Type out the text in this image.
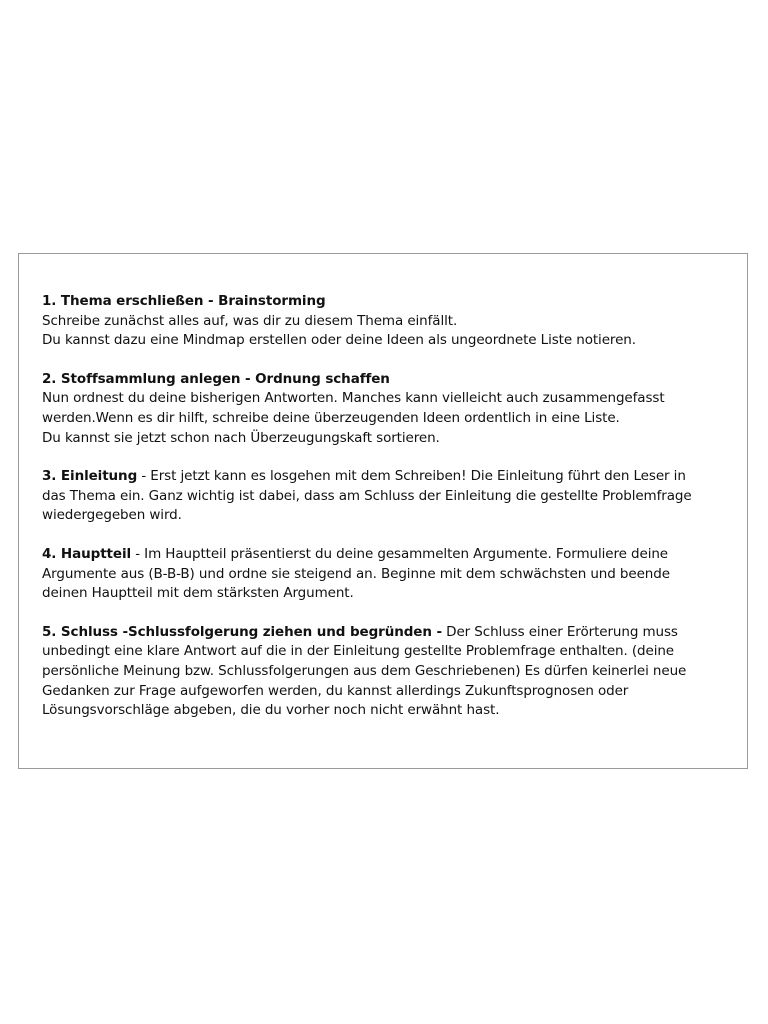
1. Thema erschließen - Brainstorming
Schreibe zunächst alles auf, was dir zu diesem Thema einfällt.
Du kannst dazu eine Mindmap erstellen oder deine Ideen als ungeordnete Liste notieren.
2. Stoffsammlung anlegen - Ordnung schaffen
Nun ordnest du deine bisherigen Antworten. Manches kann vielleicht auch zusammengefasst
werden.Wenn es dir hilft, schreibe deine überzeugenden Ideen ordentlich in eine Liste.
Du kannst sie jetzt schon nach Überzeugungskaft sortieren.
3. Einleitung - Erst jetzt kann es losgehen mit dem Schreiben! Die Einleitung führt den Leser in
das Thema ein. Ganz wichtig ist dabei, dass am Schluss der Einleitung die gestellte Problemfrage
wiedergegeben wird.
4. Hauptteil - Im Hauptteil präsentierst du deine gesammelten Argumente. Formuliere deine
Argumente aus (B-B-B) und ordne sie steigend an. Beginne mit dem schwächsten und beende
deinen Hauptteil mit dem stärksten Argument.
5. Schluss -Schlussfolgerung ziehen und begründen - Der Schluss einer Erörterung muss
unbedingt eine klare Antwort auf die in der Einleitung gestellte Problemfrage enthalten. (deine
persönliche Meinung bzw. Schlussfolgerungen aus dem Geschriebenen) Es dürfen keinerlei neue
Gedanken zur Frage aufgeworfen werden, du kannst allerdings Zukunftsprognosen oder
Lösungsvorschläge abgeben, die du vorher noch nicht erwähnt hast.
